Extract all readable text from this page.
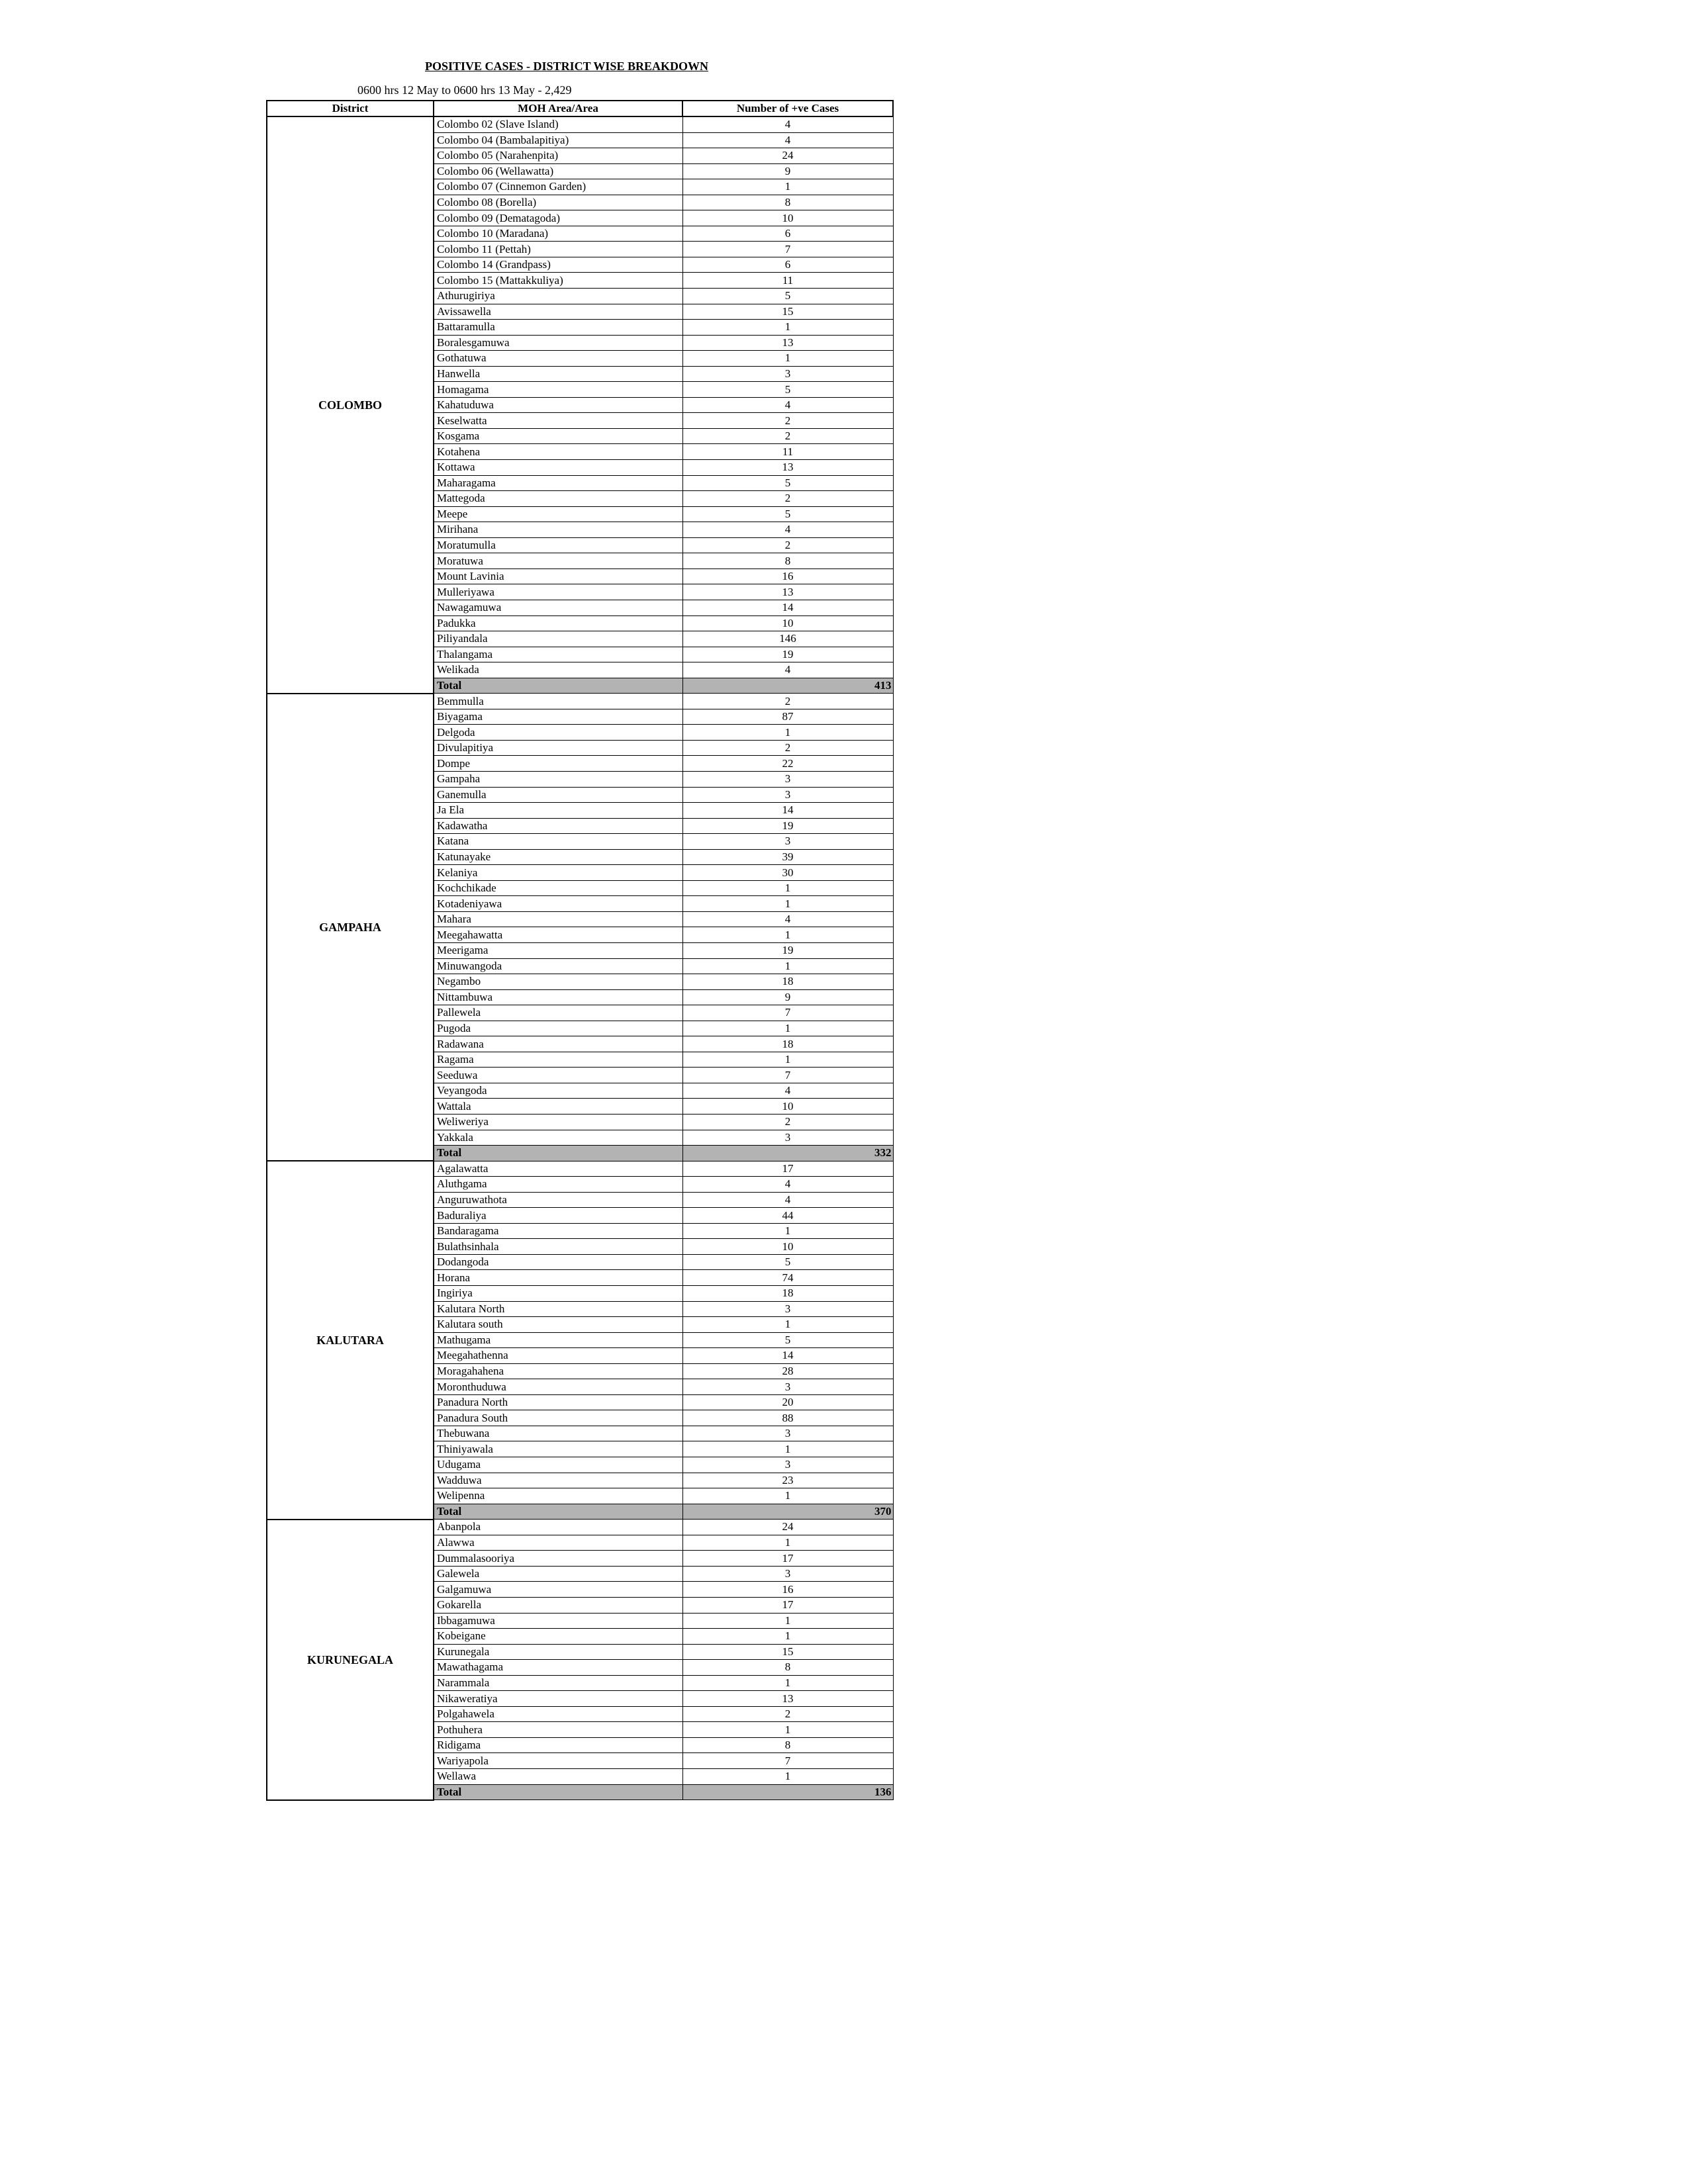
POSITIVE CASES - DISTRICT WISE BREAKDOWN
0600 hrs 12 May to 0600 hrs 13 May - 2,429
District	MOH Area/Area	Number of +ve Cases
COLOMBO	Colombo 02 (Slave Island)	4
	Colombo 04 (Bambalapitiya)	4
	Colombo 05 (Narahenpita)	24
	Colombo 06 (Wellawatta)	9
	Colombo 07 (Cinnemon Garden)	1
	Colombo 08 (Borella)	8
	Colombo 09 (Dematagoda)	10
	Colombo 10 (Maradana)	6
	Colombo 11 (Pettah)	7
	Colombo 14 (Grandpass)	6
	Colombo 15 (Mattakkuliya)	11
	Athurugiriya	5
	Avissawella	15
	Battaramulla	1
	Boralesgamuwa	13
	Gothatuwa	1
	Hanwella	3
	Homagama	5
	Kahatuduwa	4
	Keselwatta	2
	Kosgama	2
	Kotahena	11
	Kottawa	13
	Maharagama	5
	Mattegoda	2
	Meepe	5
	Mirihana	4
	Moratumulla	2
	Moratuwa	8
	Mount Lavinia	16
	Mulleriyawa	13
	Nawagamuwa	14
	Padukka	10
	Piliyandala	146
	Thalangama	19
	Welikada	4
	Total	413
GAMPAHA	Bemmulla	2
	Biyagama	87
	Delgoda	1
	Divulapitiya	2
	Dompe	22
	Gampaha	3
	Ganemulla	3
	Ja Ela	14
	Kadawatha	19
	Katana	3
	Katunayake	39
	Kelaniya	30
	Kochchikade	1
	Kotadeniyawa	1
	Mahara	4
	Meegahawatta	1
	Meerigama	19
	Minuwangoda	1
	Negambo	18
	Nittambuwa	9
	Pallewela	7
	Pugoda	1
	Radawana	18
	Ragama	1
	Seeduwa	7
	Veyangoda	4
	Wattala	10
	Weliweriya	2
	Yakkala	3
	Total	332
KALUTARA	Agalawatta	17
	Aluthgama	4
	Anguruwathota	4
	Baduraliya	44
	Bandaragama	1
	Bulathsinhala	10
	Dodangoda	5
	Horana	74
	Ingiriya	18
	Kalutara North	3
	Kalutara south	1
	Mathugama	5
	Meegahathenna	14
	Moragahahena	28
	Moronthuduwa	3
	Panadura North	20
	Panadura South	88
	Thebuwana	3
	Thiniyawala	1
	Udugama	3
	Wadduwa	23
	Welipenna	1
	Total	370
KURUNEGALA	Abanpola	24
	Alawwa	1
	Dummalasooriya	17
	Galewela	3
	Galgamuwa	16
	Gokarella	17
	Ibbagamuwa	1
	Kobeigane	1
	Kurunegala	15
	Mawathagama	8
	Narammala	1
	Nikaweratiya	13
	Polgahawela	2
	Pothuhera	1
	Ridigama	8
	Wariyapola	7
	Wellawa	1
	Total	136
